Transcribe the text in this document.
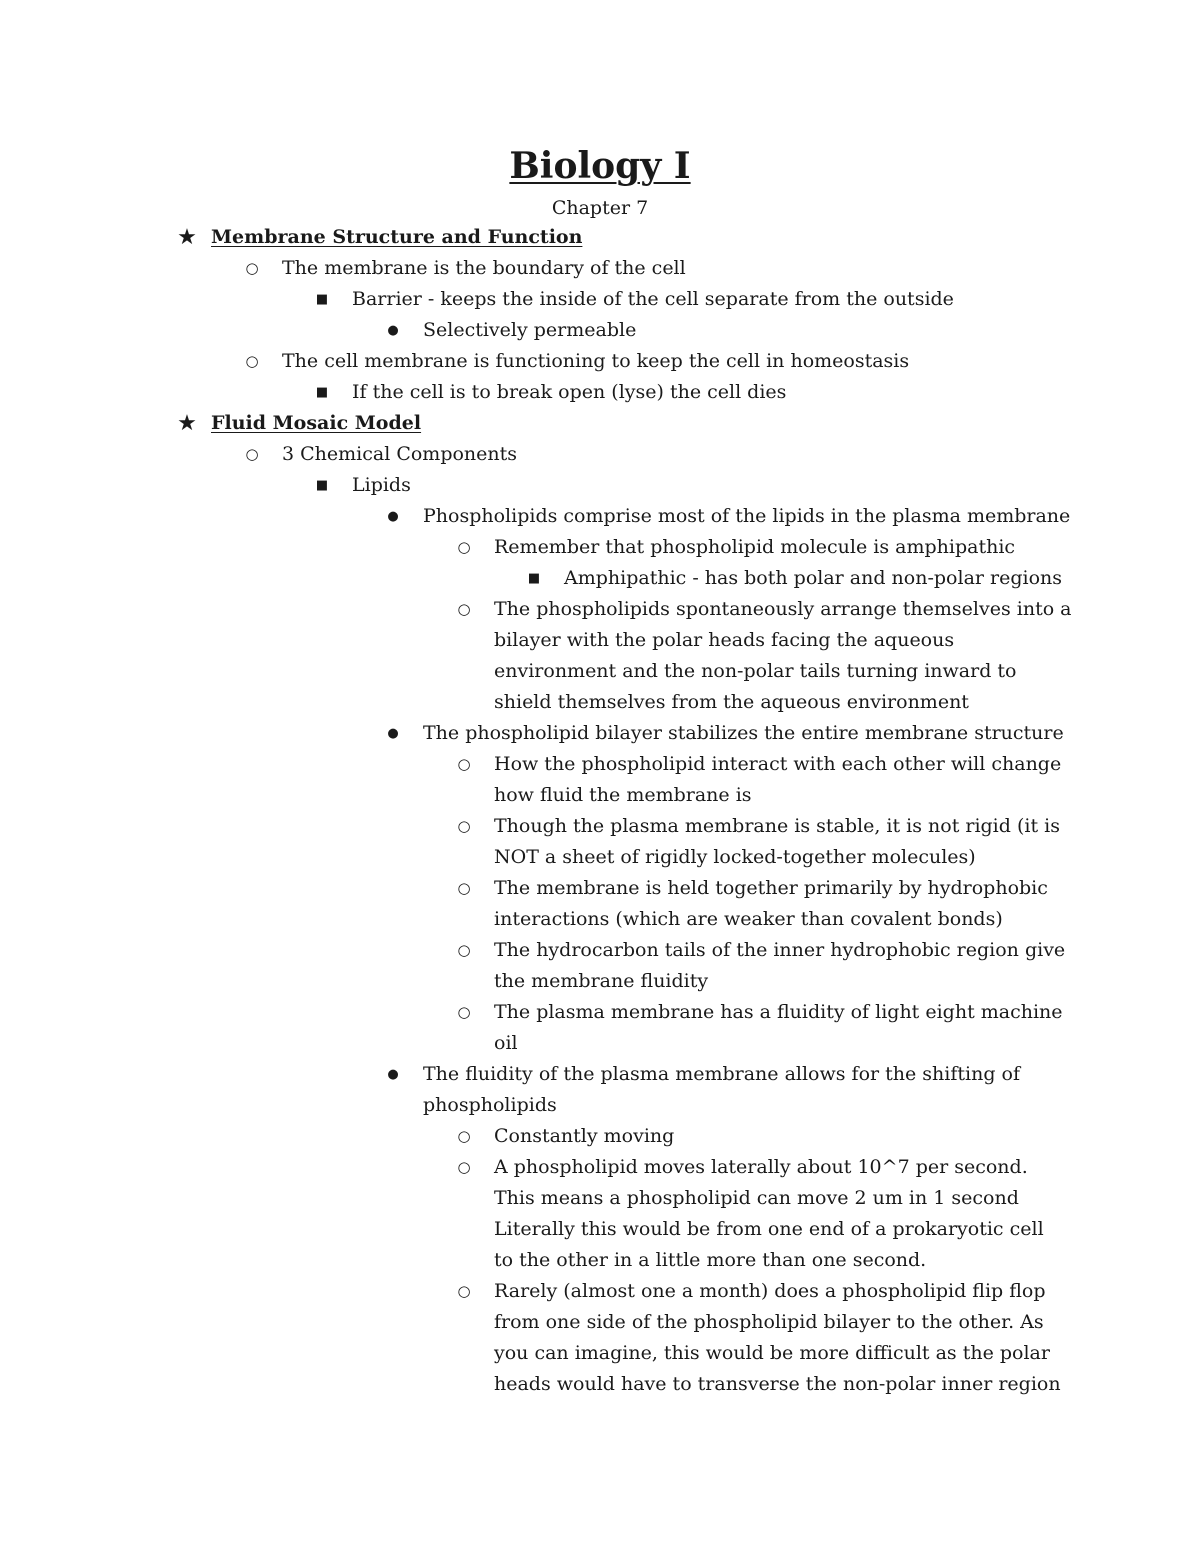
Biology I
Chapter 7
★ Membrane Structure and Function
○ The membrane is the boundary of the cell
■ Barrier - keeps the inside of the cell separate from the outside
● Selectively permeable
○ The cell membrane is functioning to keep the cell in homeostasis
■ If the cell is to break open (lyse) the cell dies
★ Fluid Mosaic Model
○ 3 Chemical Components
■ Lipids
● Phospholipids comprise most of the lipids in the plasma membrane
○ Remember that phospholipid molecule is amphipathic
■ Amphipathic - has both polar and non-polar regions
○ The phospholipids spontaneously arrange themselves into a
bilayer with the polar heads facing the aqueous
environment and the non-polar tails turning inward to
shield themselves from the aqueous environment
● The phospholipid bilayer stabilizes the entire membrane structure
○ How the phospholipid interact with each other will change
how fluid the membrane is
○ Though the plasma membrane is stable, it is not rigid (it is
NOT a sheet of rigidly locked-together molecules)
○ The membrane is held together primarily by hydrophobic
interactions (which are weaker than covalent bonds)
○ The hydrocarbon tails of the inner hydrophobic region give
the membrane fluidity
○ The plasma membrane has a fluidity of light eight machine
oil
● The fluidity of the plasma membrane allows for the shifting of
phospholipids
○ Constantly moving
○ A phospholipid moves laterally about 10^7 per second.
This means a phospholipid can move 2 um in 1 second
Literally this would be from one end of a prokaryotic cell
to the other in a little more than one second.
○ Rarely (almost one a month) does a phospholipid flip flop
from one side of the phospholipid bilayer to the other. As
you can imagine, this would be more difficult as the polar
heads would have to transverse the non-polar inner region
